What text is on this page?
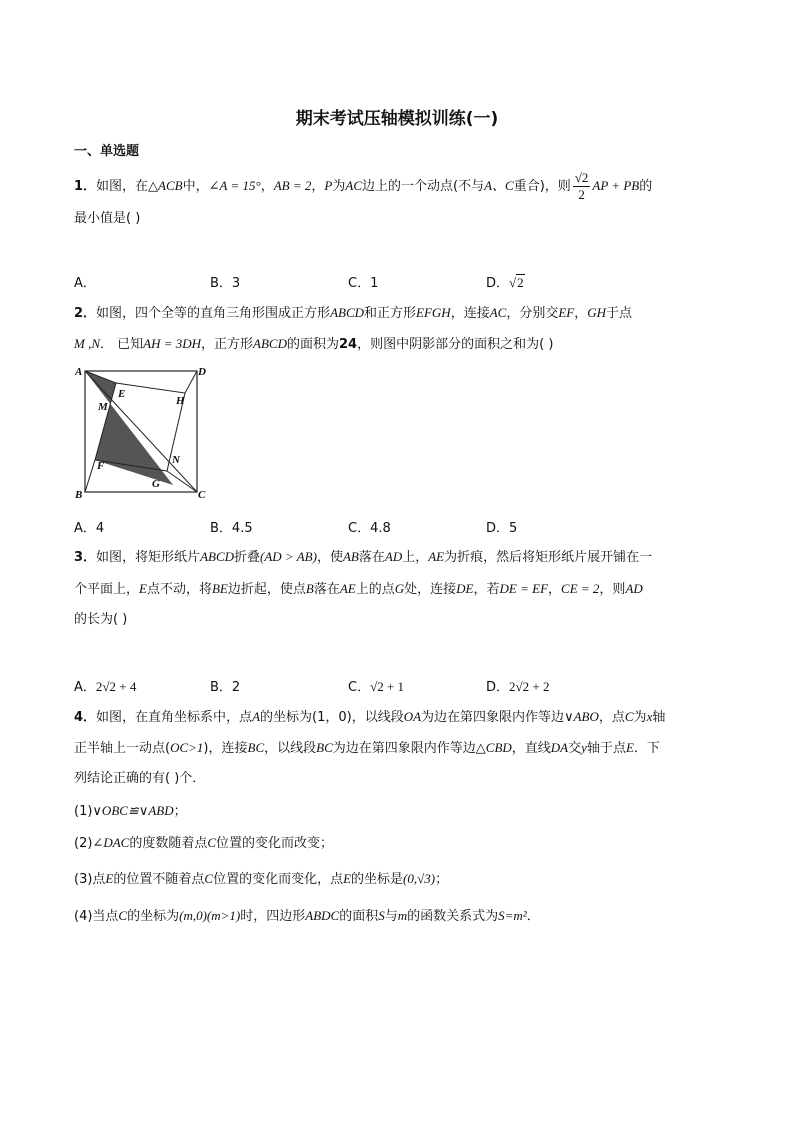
期末考试压轴模拟训练(一)
一、单选题
1．如图，在△ACB中，∠A = 15°，AB = 2，P为AC边上的一个动点(不与A、C重合)，则 $\frac{√2}{2}$ AP + PB的
最小值是( )
A．	B．3	C．1	D．√2
2．如图，四个全等的直角三角形围成正方形ABCD和正方形EFGH，连接AC，分别交EF，GH于点
M ,N． 已知AH = 3DH，正方形ABCD的面积为24，则图中阴影部分的面积之和为( )
A	D
B	C
E
M	H
F	N
G
A．4	B．4.5	C．4.8	D．5
3．如图，将矩形纸片ABCD折叠(AD > AB)，使AB落在AD上，AE为折痕，然后将矩形纸片展开铺在一
个平面上，E点不动，将BE边折起，使点B落在AE上的点G处，连接DE，若DE = EF，CE = 2，则AD
的长为( )
A．2√2 + 4	B．2	C．√2 + 1	D．2√2 + 2
4．如图，在直角坐标系中，点A的坐标为(1，0)，以线段OA为边在第四象限内作等边∨ABO，点C为x轴
正半轴上一动点(OC>1)，连接BC，以线段BC为边在第四象限内作等边△CBD，直线DA交y轴于点E．下
列结论正确的有( )个．
(1)∨OBC≌∨ABD；
(2)∠DAC的度数随着点C位置的变化而改变；
(3)点E的位置不随着点C位置的变化而变化，点E的坐标是(0,√3)；
(4)当点C的坐标为(m,0)(m>1)时，四边形ABDC的面积S与m的函数关系式为S=m²．
